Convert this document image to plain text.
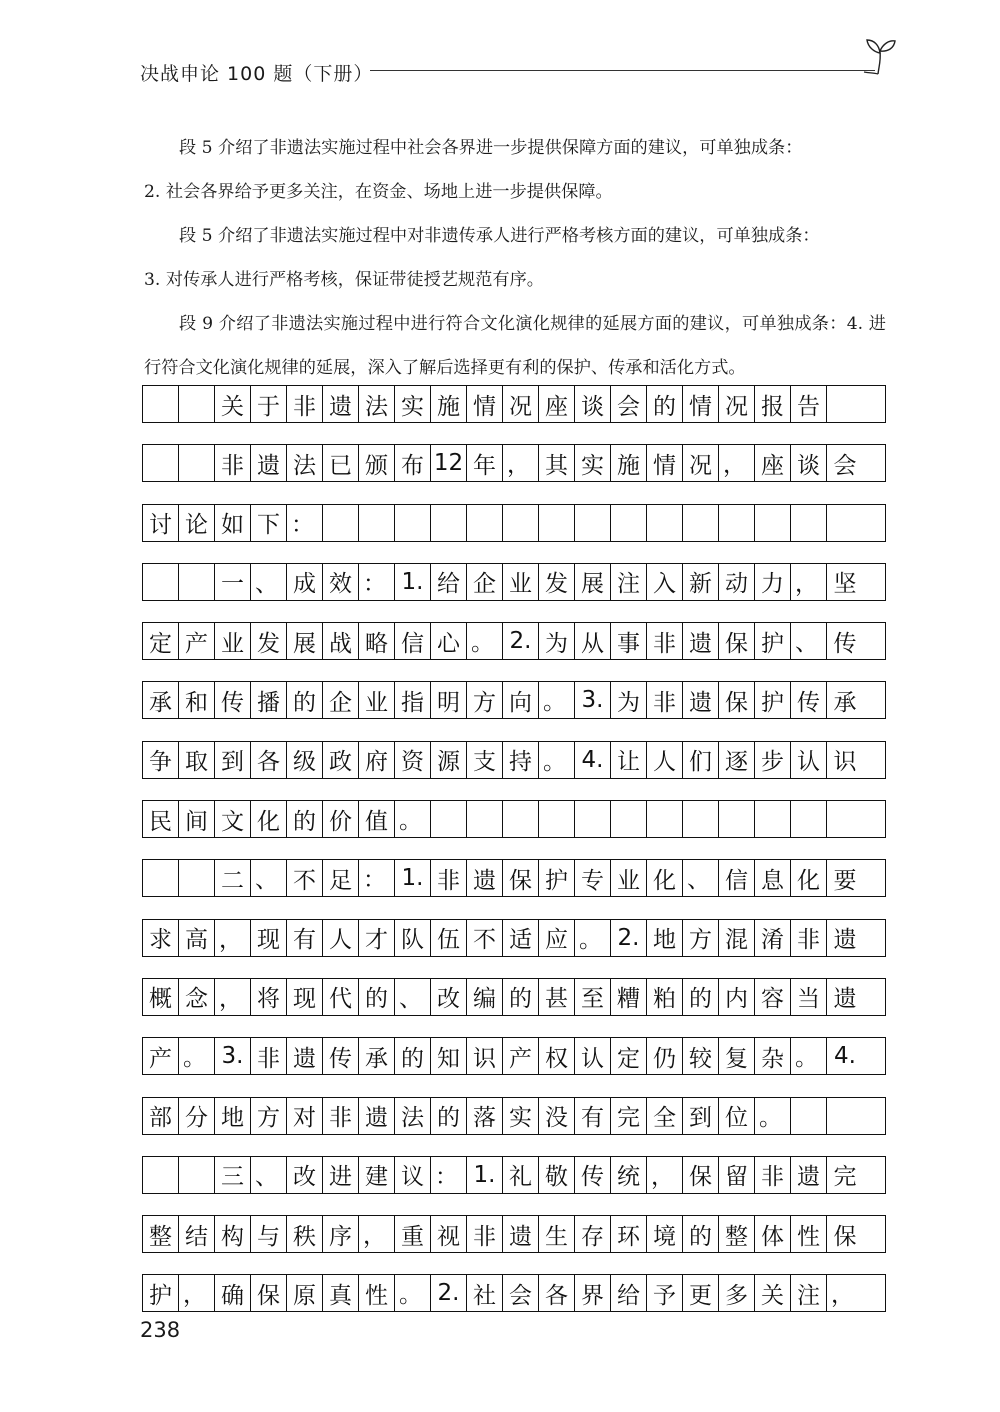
决战申论 100 题（下册）

段 5 介绍了非遗法实施过程中社会各界进一步提供保障方面的建议，可单独成条：

2. 社会各界给予更多关注，在资金、场地上进一步提供保障。

段 5 介绍了非遗法实施过程中对非遗传承人进行严格考核方面的建议，可单独成条：

3. 对传承人进行严格考核，保证带徒授艺规范有序。

段 9 介绍了非遗法实施过程中进行符合文化演化规律的延展方面的建议，可单独成条：4. 进行符合文化演化规律的延展，深入了解后选择更有利的保护、传承和活化方式。

关 于 非 遗 法 实 施 情 况 座 谈 会 的 情 况 报 告
非 遗 法 已 颁 布 12 年 ， 其 实 施 情 况 ， 座 谈 会
讨 论 如 下 ：
一 、 成 效 ： 1. 给 企 业 发 展 注 入 新 动 力 ， 坚
定 产 业 发 展 战 略 信 心 。 2. 为 从 事 非 遗 保 护 、 传
承 和 传 播 的 企 业 指 明 方 向 。 3. 为 非 遗 保 护 传 承
争 取 到 各 级 政 府 资 源 支 持 。 4. 让 人 们 逐 步 认 识
民 间 文 化 的 价 值 。
二 、 不 足 ： 1. 非 遗 保 护 专 业 化 、 信 息 化 要
求 高 ， 现 有 人 才 队 伍 不 适 应 。 2. 地 方 混 淆 非 遗
概 念 ， 将 现 代 的 、 改 编 的 甚 至 糟 粕 的 内 容 当 遗
产 。 3. 非 遗 传 承 的 知 识 产 权 认 定 仍 较 复 杂 。 4.
部 分 地 方 对 非 遗 法 的 落 实 没 有 完 全 到 位 。
三 、 改 进 建 议 ： 1. 礼 敬 传 统 ， 保 留 非 遗 完
整 结 构 与 秩 序 ， 重 视 非 遗 生 存 环 境 的 整 体 性 保
护 ， 确 保 原 真 性 。 2. 社 会 各 界 给 予 更 多 关 注 ，
238
